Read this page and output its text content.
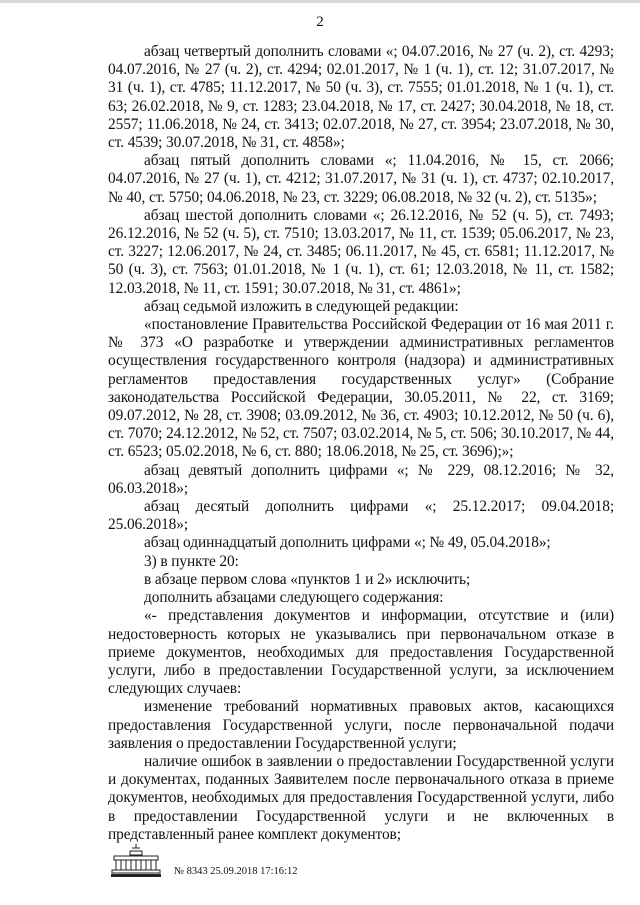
2

абзац четвертый дополнить словами «; 04.07.2016, № 27 (ч. 2), ст. 4293; 04.07.2016, № 27 (ч. 2), ст. 4294; 02.01.2017, № 1 (ч. 1), ст. 12; 31.07.2017, № 31 (ч. 1), ст. 4785; 11.12.2017, № 50 (ч. 3), ст. 7555; 01.01.2018, № 1 (ч. 1), ст. 63; 26.02.2018, № 9, ст. 1283; 23.04.2018, № 17, ст. 2427; 30.04.2018, № 18, ст. 2557; 11.06.2018, № 24, ст. 3413; 02.07.2018, № 27, ст. 3954; 23.07.2018, № 30, ст. 4539; 30.07.2018, № 31, ст. 4858»;

абзац пятый дополнить словами «; 11.04.2016, № 15, ст. 2066; 04.07.2016, № 27 (ч. 1), ст. 4212; 31.07.2017, № 31 (ч. 1), ст. 4737; 02.10.2017, № 40, ст. 5750; 04.06.2018, № 23, ст. 3229; 06.08.2018, № 32 (ч. 2), ст. 5135»;

абзац шестой дополнить словами «; 26.12.2016, № 52 (ч. 5), ст. 7493; 26.12.2016, № 52 (ч. 5), ст. 7510; 13.03.2017, № 11, ст. 1539; 05.06.2017, № 23, ст. 3227; 12.06.2017, № 24, ст. 3485; 06.11.2017, № 45, ст. 6581; 11.12.2017, № 50 (ч. 3), ст. 7563; 01.01.2018, № 1 (ч. 1), ст. 61; 12.03.2018, № 11, ст. 1582; 12.03.2018, № 11, ст. 1591; 30.07.2018, № 31, ст. 4861»;

абзац седьмой изложить в следующей редакции:

«постановление Правительства Российской Федерации от 16 мая 2011 г. № 373 «О разработке и утверждении административных регламентов осуществления государственного контроля (надзора) и административных регламентов предоставления государственных услуг» (Собрание законодательства Российской Федерации, 30.05.2011, № 22, ст. 3169; 09.07.2012, № 28, ст. 3908; 03.09.2012, № 36, ст. 4903; 10.12.2012, № 50 (ч. 6), ст. 7070; 24.12.2012, № 52, ст. 7507; 03.02.2014, № 5, ст. 506; 30.10.2017, № 44, ст. 6523; 05.02.2018, № 6, ст. 880; 18.06.2018, № 25, ст. 3696);»;

абзац девятый дополнить цифрами «; № 229, 08.12.2016; № 32, 06.03.2018»;

абзац десятый дополнить цифрами «; 25.12.2017; 09.04.2018; 25.06.2018»;

абзац одиннадцатый дополнить цифрами «; № 49, 05.04.2018»;

3) в пункте 20:

в абзаце первом слова «пунктов 1 и 2» исключить;

дополнить абзацами следующего содержания:

«- представления документов и информации, отсутствие и (или) недостоверность которых не указывались при первоначальном отказе в приеме документов, необходимых для предоставления Государственной услуги, либо в предоставлении Государственной услуги, за исключением следующих случаев:

изменение требований нормативных правовых актов, касающихся предоставления Государственной услуги, после первоначальной подачи заявления о предоставлении Государственной услуги;

наличие ошибок в заявлении о предоставлении Государственной услуги и документах, поданных Заявителем после первоначального отказа в приеме документов, необходимых для предоставления Государственной услуги, либо в предоставлении Государственной услуги и не включенных в представленный ранее комплект документов;

№ 8343 25.09.2018 17:16:12
